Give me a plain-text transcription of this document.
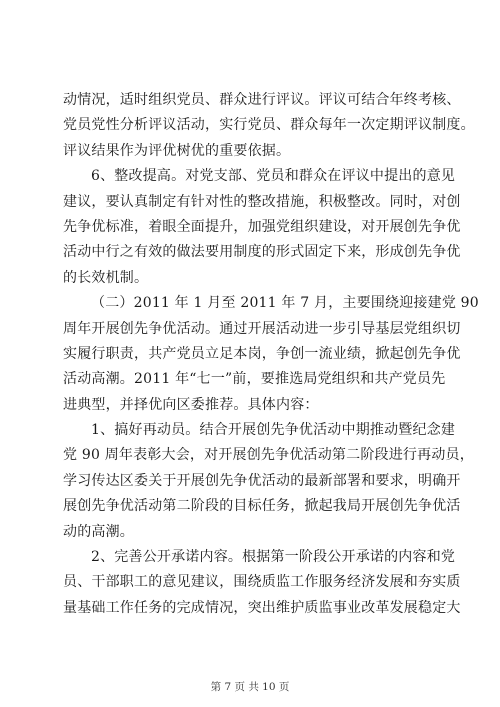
动情况，适时组织党员、群众进行评议。评议可结合年终考核、
党员党性分析评议活动，实行党员、群众每年一次定期评议制度。
评议结果作为评优树优的重要依据。
6、整改提高。对党支部、党员和群众在评议中提出的意见
建议，要认真制定有针对性的整改措施，积极整改。同时，对创
先争优标准，着眼全面提升，加强党组织建设，对开展创先争优
活动中行之有效的做法要用制度的形式固定下来，形成创先争优
的长效机制。
（二）2011 年 1 月至 2011 年 7 月，主要围绕迎接建党 90
周年开展创先争优活动。通过开展活动进一步引导基层党组织切
实履行职责，共产党员立足本岗，争创一流业绩，掀起创先争优
活动高潮。2011 年“七一”前，要推选局党组织和共产党员先
进典型，并择优向区委推荐。具体内容：
1、搞好再动员。结合开展创先争优活动中期推动暨纪念建
党 90 周年表彰大会，对开展创先争优活动第二阶段进行再动员，
学习传达区委关于开展创先争优活动的最新部署和要求，明确开
展创先争优活动第二阶段的目标任务，掀起我局开展创先争优活
动的高潮。
2、完善公开承诺内容。根据第一阶段公开承诺的内容和党
员、干部职工的意见建议，围绕质监工作服务经济发展和夯实质
量基础工作任务的完成情况，突出维护质监事业改革发展稳定大
第 7 页 共 10 页
